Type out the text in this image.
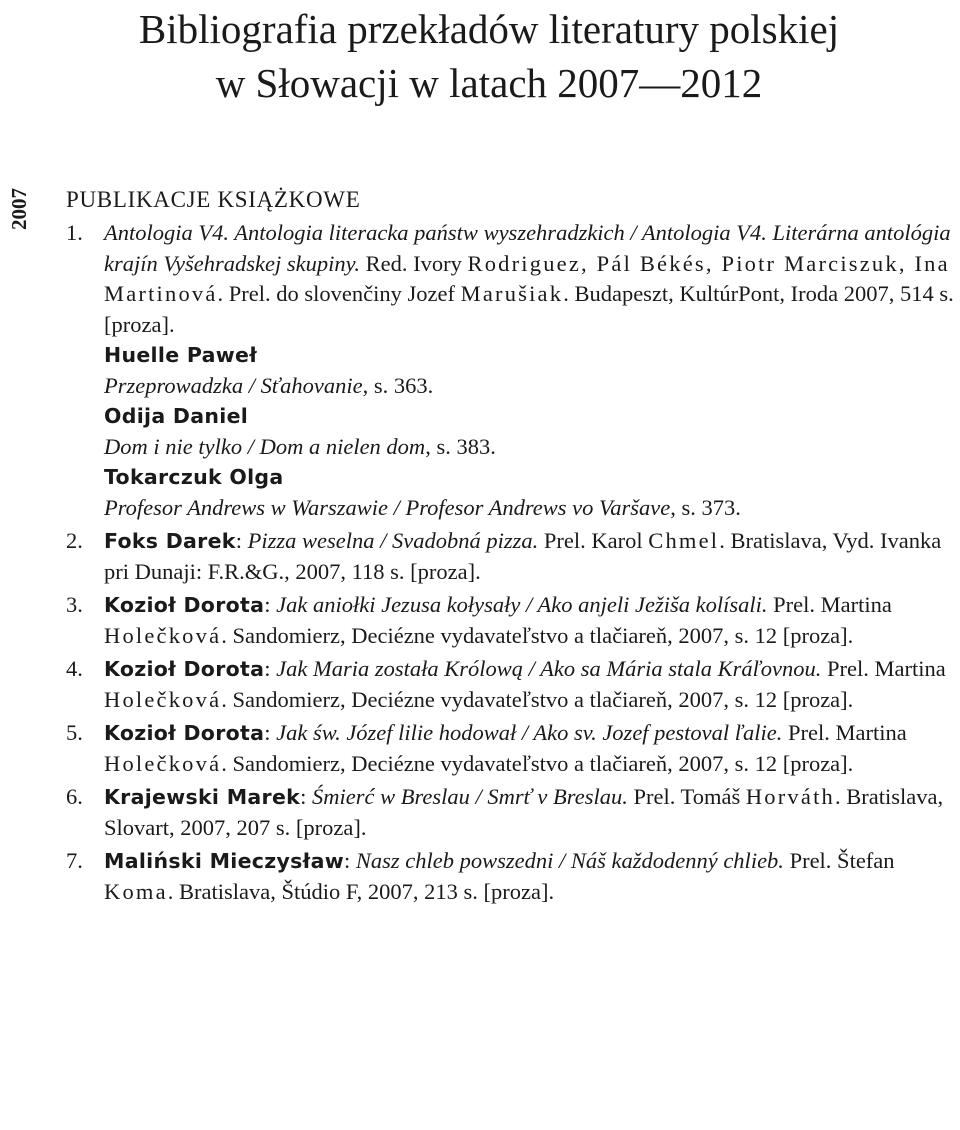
Bibliografia przekładów literatury polskiej
w Słowacji w latach 2007—2012
2007 PUBLIKACJE KSIĄŻKOWE
1. Antologia V4. Antologia literacka państw wyszehradzkich / Antologia V4. Literárna antológia krajín Vyšehradskej skupiny. Red. Ivory Rodriguez, Pál Békés, Piotr Marciszuk, Ina Martinová. Prel. do slovenčiny Jozef Marušiak. Budapeszt, KultúrPont, Iroda 2007, 514 s. [proza].

Huelle Paweł

Przeprowadzka / Sťahovanie, s. 363.

Odija Daniel

Dom i nie tylko / Dom a nielen dom, s. 383.

Tokarczuk Olga

Profesor Andrews w Warszawie / Profesor Andrews vo Varšave, s. 373.

2.	Foks Darek: Pizza weselna / Svadobná pizza. Prel. Karol Chmel. Bratislava, Vyd. Ivanka pri Dunaji: F.R.&G., 2007, 118 s. [proza].

3.	Kozioł Dorota: Jak aniołki Jezusa kołysały / Ako anjeli Ježiša kolísali. Prel. Martina Holečková. Sandomierz, Deciézne vydavateľstvo a tlačiareň, 2007, s. 12 [proza].

4.	Kozioł Dorota: Jak Maria została Królową / Ako sa Mária stala Kráľovnou. Prel. Martina Holečková. Sandomierz, Deciézne vydavateľstvo a tlačiareň, 2007, s. 12 [proza].

5.	Kozioł Dorota: Jak św. Józef lilie hodował / Ako sv. Jozef pestoval ľalie. Prel. Martina Holečková. Sandomierz, Deciézne vydavateľstvo a tlačiareň, 2007, s. 12 [proza].

6.	Krajewski Marek: Śmierć w Breslau / Smrť v Breslau. Prel. Tomáš Horváth. Bratislava, Slovart, 2007, 207 s. [proza].

7.	Maliński Mieczysław: Nasz chleb powszedni / Náš každodenný chlieb. Prel. Štefan Koma. Bratislava, Štúdio F, 2007, 213 s. [proza].
